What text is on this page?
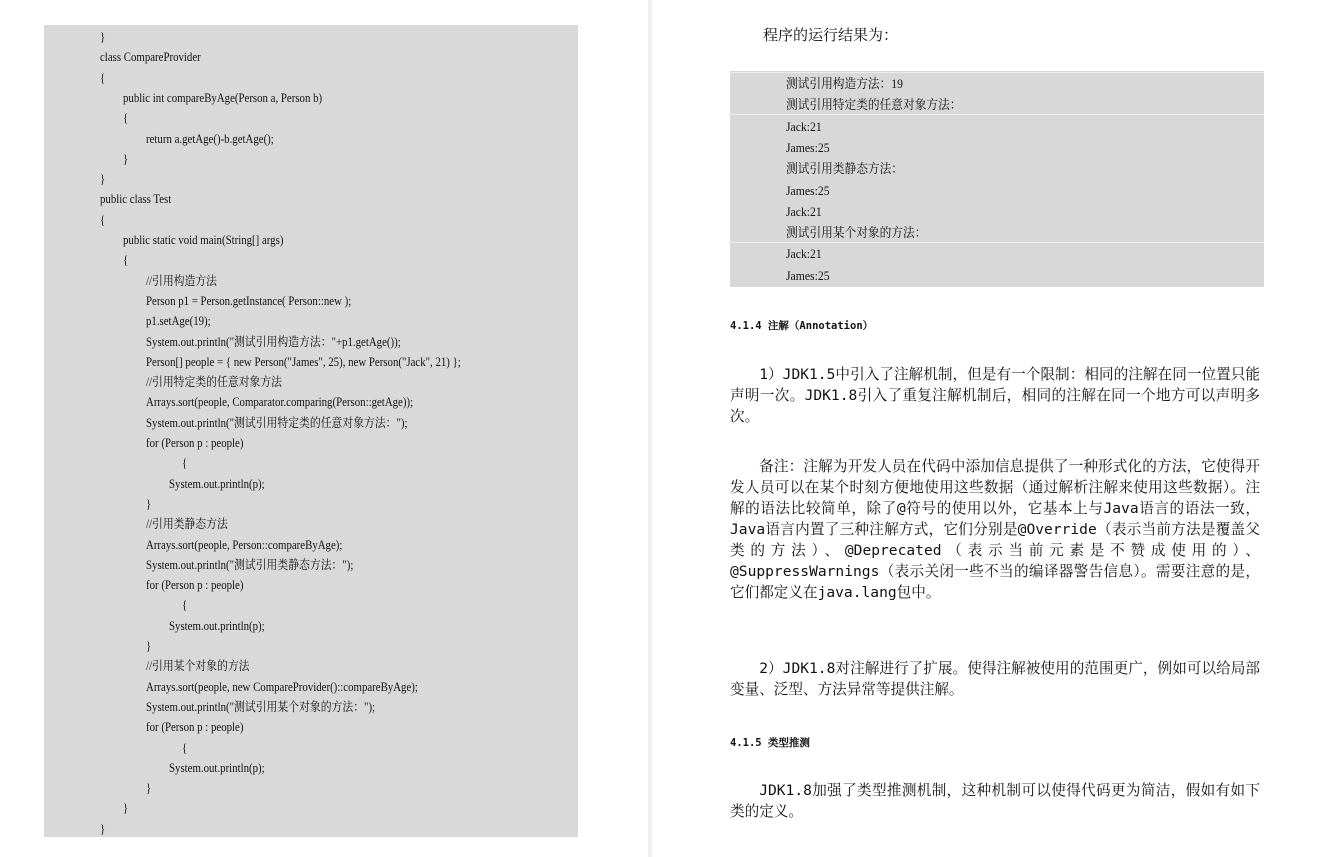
}
class CompareProvider
{
public int compareByAge(Person a, Person b)
{
return a.getAge()-b.getAge();
}
}
public class Test
{
public static void main(String[] args)
{
//引用构造方法
Person p1 = Person.getInstance( Person::new );
p1.setAge(19);
System.out.println("测试引用构造方法："+p1.getAge());
Person[] people = { new Person("James", 25), new Person("Jack", 21) };
//引用特定类的任意对象方法
Arrays.sort(people, Comparator.comparing(Person::getAge));
System.out.println("测试引用特定类的任意对象方法：");
for (Person p : people)
{
System.out.println(p);
}
//引用类静态方法
Arrays.sort(people, Person::compareByAge);
System.out.println("测试引用类静态方法：");
for (Person p : people)
{
System.out.println(p);
}
//引用某个对象的方法
Arrays.sort(people, new CompareProvider()::compareByAge);
System.out.println("测试引用某个对象的方法：");
for (Person p : people)
{
System.out.println(p);
}
}
}
程序的运行结果为：
测试引用构造方法：19
测试引用特定类的任意对象方法：
Jack:21
James:25
测试引用类静态方法：
James:25
Jack:21
测试引用某个对象的方法：
Jack:21
James:25
4.1.4 注解（Annotation）

1）JDK1.5中引入了注解机制，但是有一个限制：相同的注解在同一位置只能声明一次。JDK1.8引入了重复注解机制后，相同的注解在同一个地方可以声明多次。

备注：注解为开发人员在代码中添加信息提供了一种形式化的方法，它使得开发人员可以在某个时刻方便地使用这些数据（通过解析注解来使用这些数据）。注解的语法比较简单，除了@符号的使用以外，它基本上与Java语言的语法一致，Java语言内置了三种注解方式，它们分别是@Override（表示当前方法是覆盖父类的方法）、@Deprecated（表示当前元素是不赞成使用的）、@SuppressWarnings（表示关闭一些不当的编译器警告信息）。需要注意的是，它们都定义在java.lang包中。

2）JDK1.8对注解进行了扩展。使得注解被使用的范围更广，例如可以给局部变量、泛型、方法异常等提供注解。

4.1.5 类型推测

JDK1.8加强了类型推测机制，这种机制可以使得代码更为简洁，假如有如下类的定义。
